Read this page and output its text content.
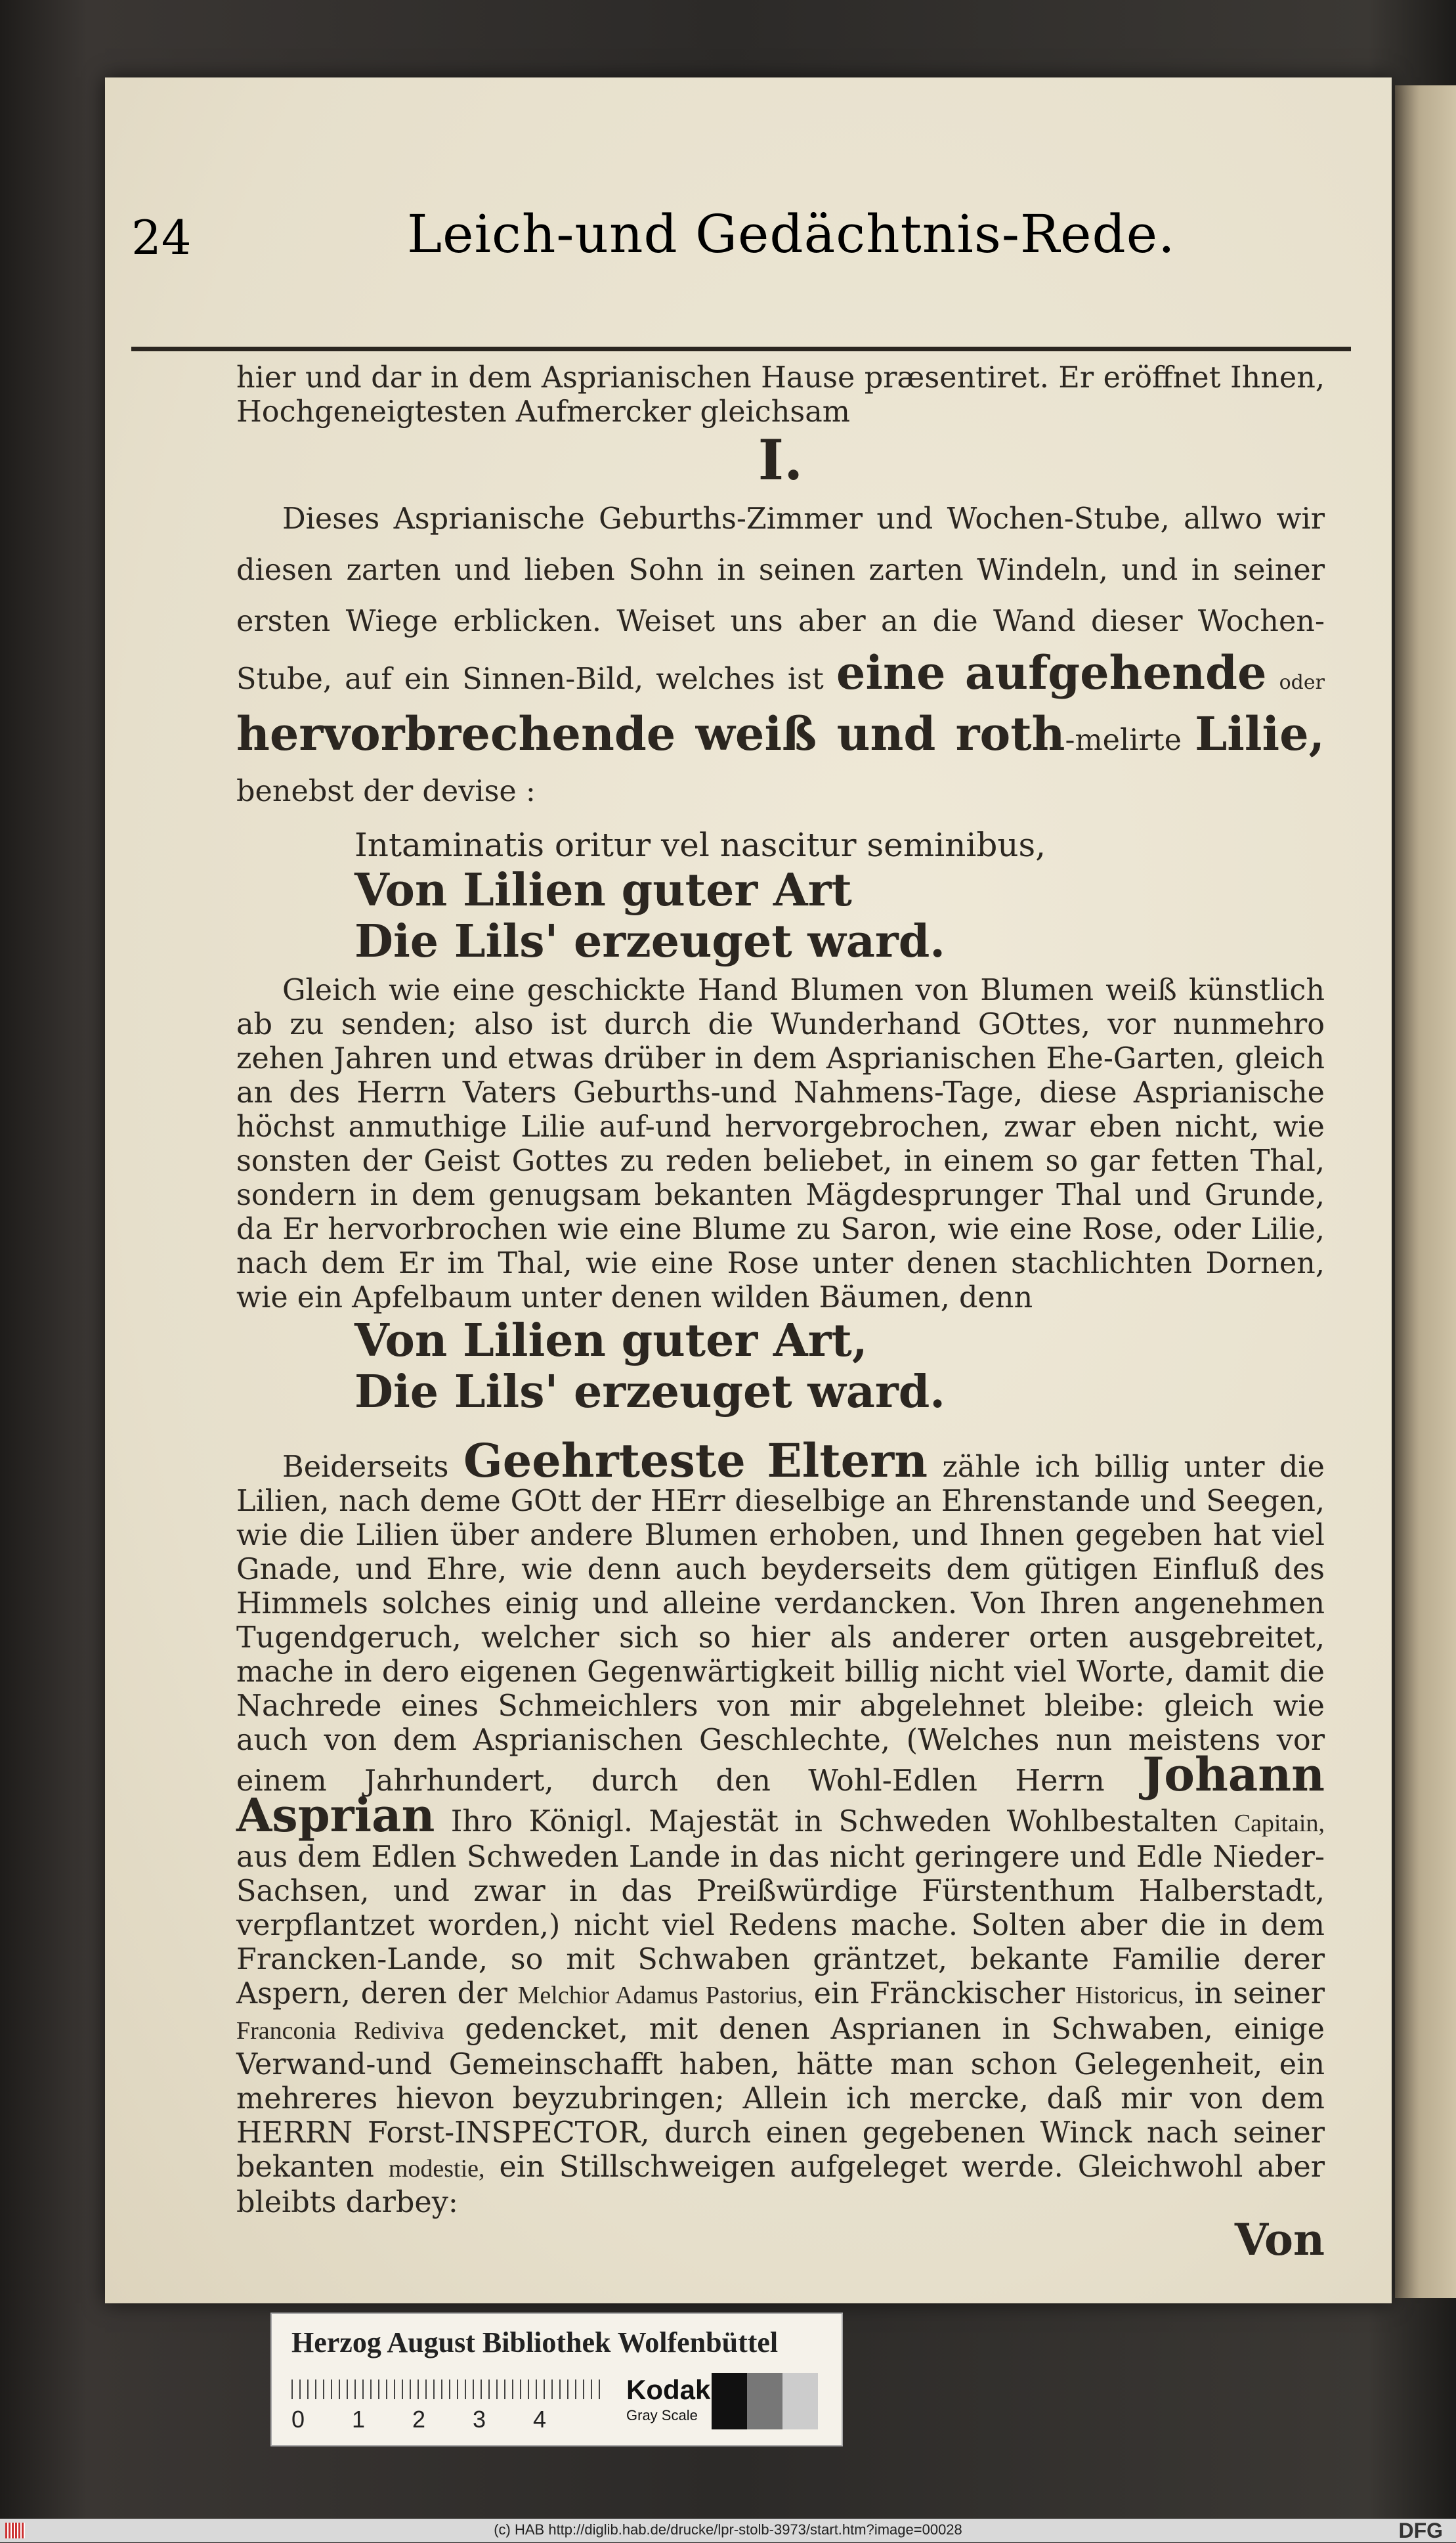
24	Leich-und Gedächtnis-Rede.

hier und dar in dem Asprianischen Hause præsentiret. Er eröffnet Ihnen, Hochgeneigtesten Aufmercker gleichsam

I.

Dieses Asprianische Geburths-Zimmer und Wochen-Stube, allwo wir diesen zarten und lieben Sohn in seinen zarten Windeln, und in seiner ersten Wiege erblicken. Weiset uns aber an die Wand dieser Wochen-Stube, auf ein Sinnen-Bild, welches ist eine aufgehende oder hervorbrechende weiß und roth-melirte Lilie, benebst der devise :

Intaminatis oritur vel nascitur seminibus,
Von Lilien guter Art
Die Lils' erzeuget ward.

Gleich wie eine geschickte Hand Blumen von Blumen weiß künstlich ab zu senden; also ist durch die Wunderhand GOttes, vor nunmehro zehen Jahren und etwas drüber in dem Asprianischen Ehe-Garten, gleich an des Herrn Vaters Geburths-und Nahmens-Tage, diese Asprianische höchst anmuthige Lilie auf-und hervorgebrochen, zwar eben nicht, wie sonsten der Geist Gottes zu reden beliebet, in einem so gar fetten Thal, sondern in dem genugsam bekanten Mägdesprunger Thal und Grunde, da Er hervorbrochen wie eine Blume zu Saron, wie eine Rose, oder Lilie, nach dem Er im Thal, wie eine Rose unter denen stachlichten Dornen, wie ein Apfelbaum unter denen wilden Bäumen, denn

Von Lilien guter Art,
Die Lils' erzeuget ward.

Beiderseits Geehrteste Eltern zähle ich billig unter die Lilien, nach deme GOtt der HErr dieselbige an Ehrenstande und Seegen, wie die Lilien über andere Blumen erhoben, und Ihnen gegeben hat viel Gnade, und Ehre, wie denn auch beyderseits dem gütigen Einfluß des Himmels solches einig und alleine verdancken. Von Ihren angenehmen Tugendgeruch, welcher sich so hier als anderer orten ausgebreitet, mache in dero eigenen Gegenwärtigkeit billig nicht viel Worte, damit die Nachrede eines Schmeichlers von mir abgelehnet bleibe: gleich wie auch von dem Asprianischen Geschlechte, (Welches nun meistens vor einem Jahrhundert, durch den Wohl-Edlen Herrn Johann Asprian Ihro Königl. Majestät in Schweden Wohlbestalten Capitain, aus dem Edlen Schweden Lande in das nicht geringere und Edle Nieder-Sachsen, und zwar in das Preißwürdige Fürstenthum Halberstadt, verpflantzet worden,) nicht viel Redens mache. Solten aber die in dem Francken-Lande, so mit Schwaben gräntzet, bekante Familie derer Aspern, deren der Melchior Adamus Pastorius, ein Fränckischer Historicus, in seiner Franconia Rediviva gedencket, mit denen Asprianen in Schwaben, einige Verwand-und Gemeinschafft haben, hätte man schon Gelegenheit, ein mehreres hievon beyzubringen; Allein ich mercke, daß mir von dem HERRN Forst-INSPECTOR, durch einen gegebenen Winck nach seiner bekanten modestie, ein Stillschweigen aufgeleget werde. Gleichwohl aber bleibts darbey:

Von
Herzog August Bibliothek Wolfenbüttel
0 1 2 3 4
Kodak
Gray Scale
(c) HAB http://diglib.hab.de/drucke/lpr-stolb-3973/start.htm?image=00028	DFG
